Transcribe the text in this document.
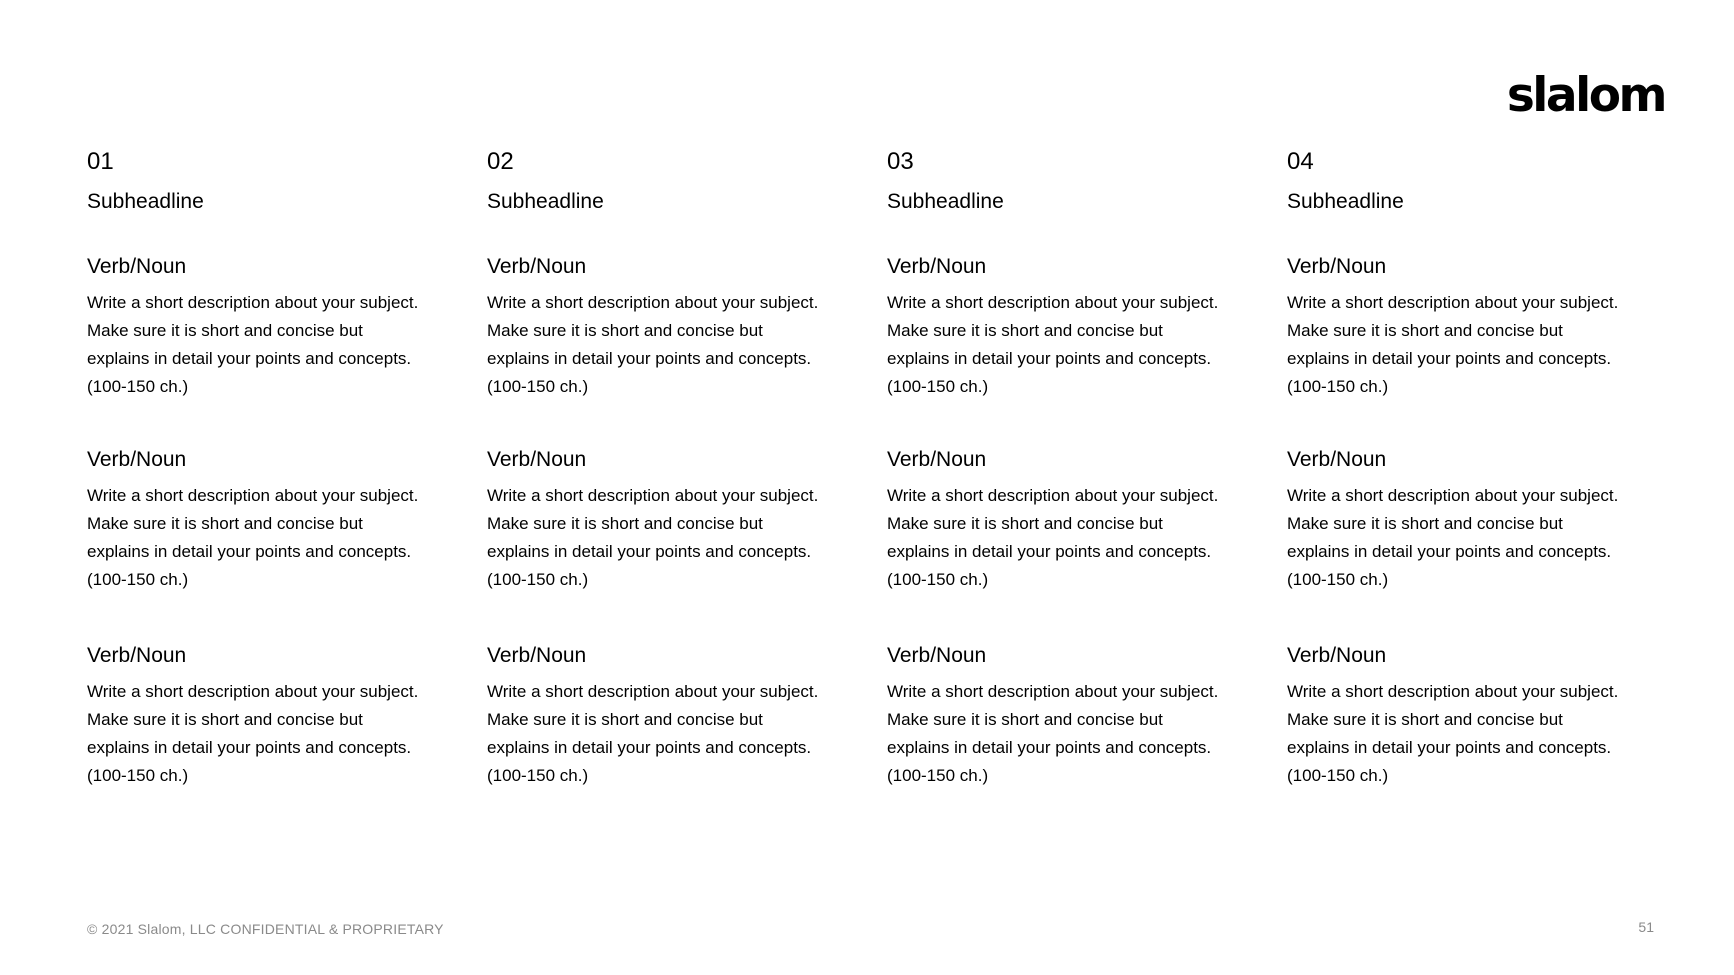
slalom
01
Subheadline
Verb/Noun
Write a short description about your subject.
Make sure it is short and concise but
explains in detail your points and concepts.
(100-150 ch.)
Verb/Noun
Write a short description about your subject.
Make sure it is short and concise but
explains in detail your points and concepts.
(100-150 ch.)
Verb/Noun
Write a short description about your subject.
Make sure it is short and concise but
explains in detail your points and concepts.
(100-150 ch.)
02
Subheadline
Verb/Noun
Write a short description about your subject.
Make sure it is short and concise but
explains in detail your points and concepts.
(100-150 ch.)
Verb/Noun
Write a short description about your subject.
Make sure it is short and concise but
explains in detail your points and concepts.
(100-150 ch.)
Verb/Noun
Write a short description about your subject.
Make sure it is short and concise but
explains in detail your points and concepts.
(100-150 ch.)
03
Subheadline
Verb/Noun
Write a short description about your subject.
Make sure it is short and concise but
explains in detail your points and concepts.
(100-150 ch.)
Verb/Noun
Write a short description about your subject.
Make sure it is short and concise but
explains in detail your points and concepts.
(100-150 ch.)
Verb/Noun
Write a short description about your subject.
Make sure it is short and concise but
explains in detail your points and concepts.
(100-150 ch.)
04
Subheadline
Verb/Noun
Write a short description about your subject.
Make sure it is short and concise but
explains in detail your points and concepts.
(100-150 ch.)
Verb/Noun
Write a short description about your subject.
Make sure it is short and concise but
explains in detail your points and concepts.
(100-150 ch.)
Verb/Noun
Write a short description about your subject.
Make sure it is short and concise but
explains in detail your points and concepts.
(100-150 ch.)
© 2021 Slalom, LLC CONFIDENTIAL & PROPRIETARY	51
